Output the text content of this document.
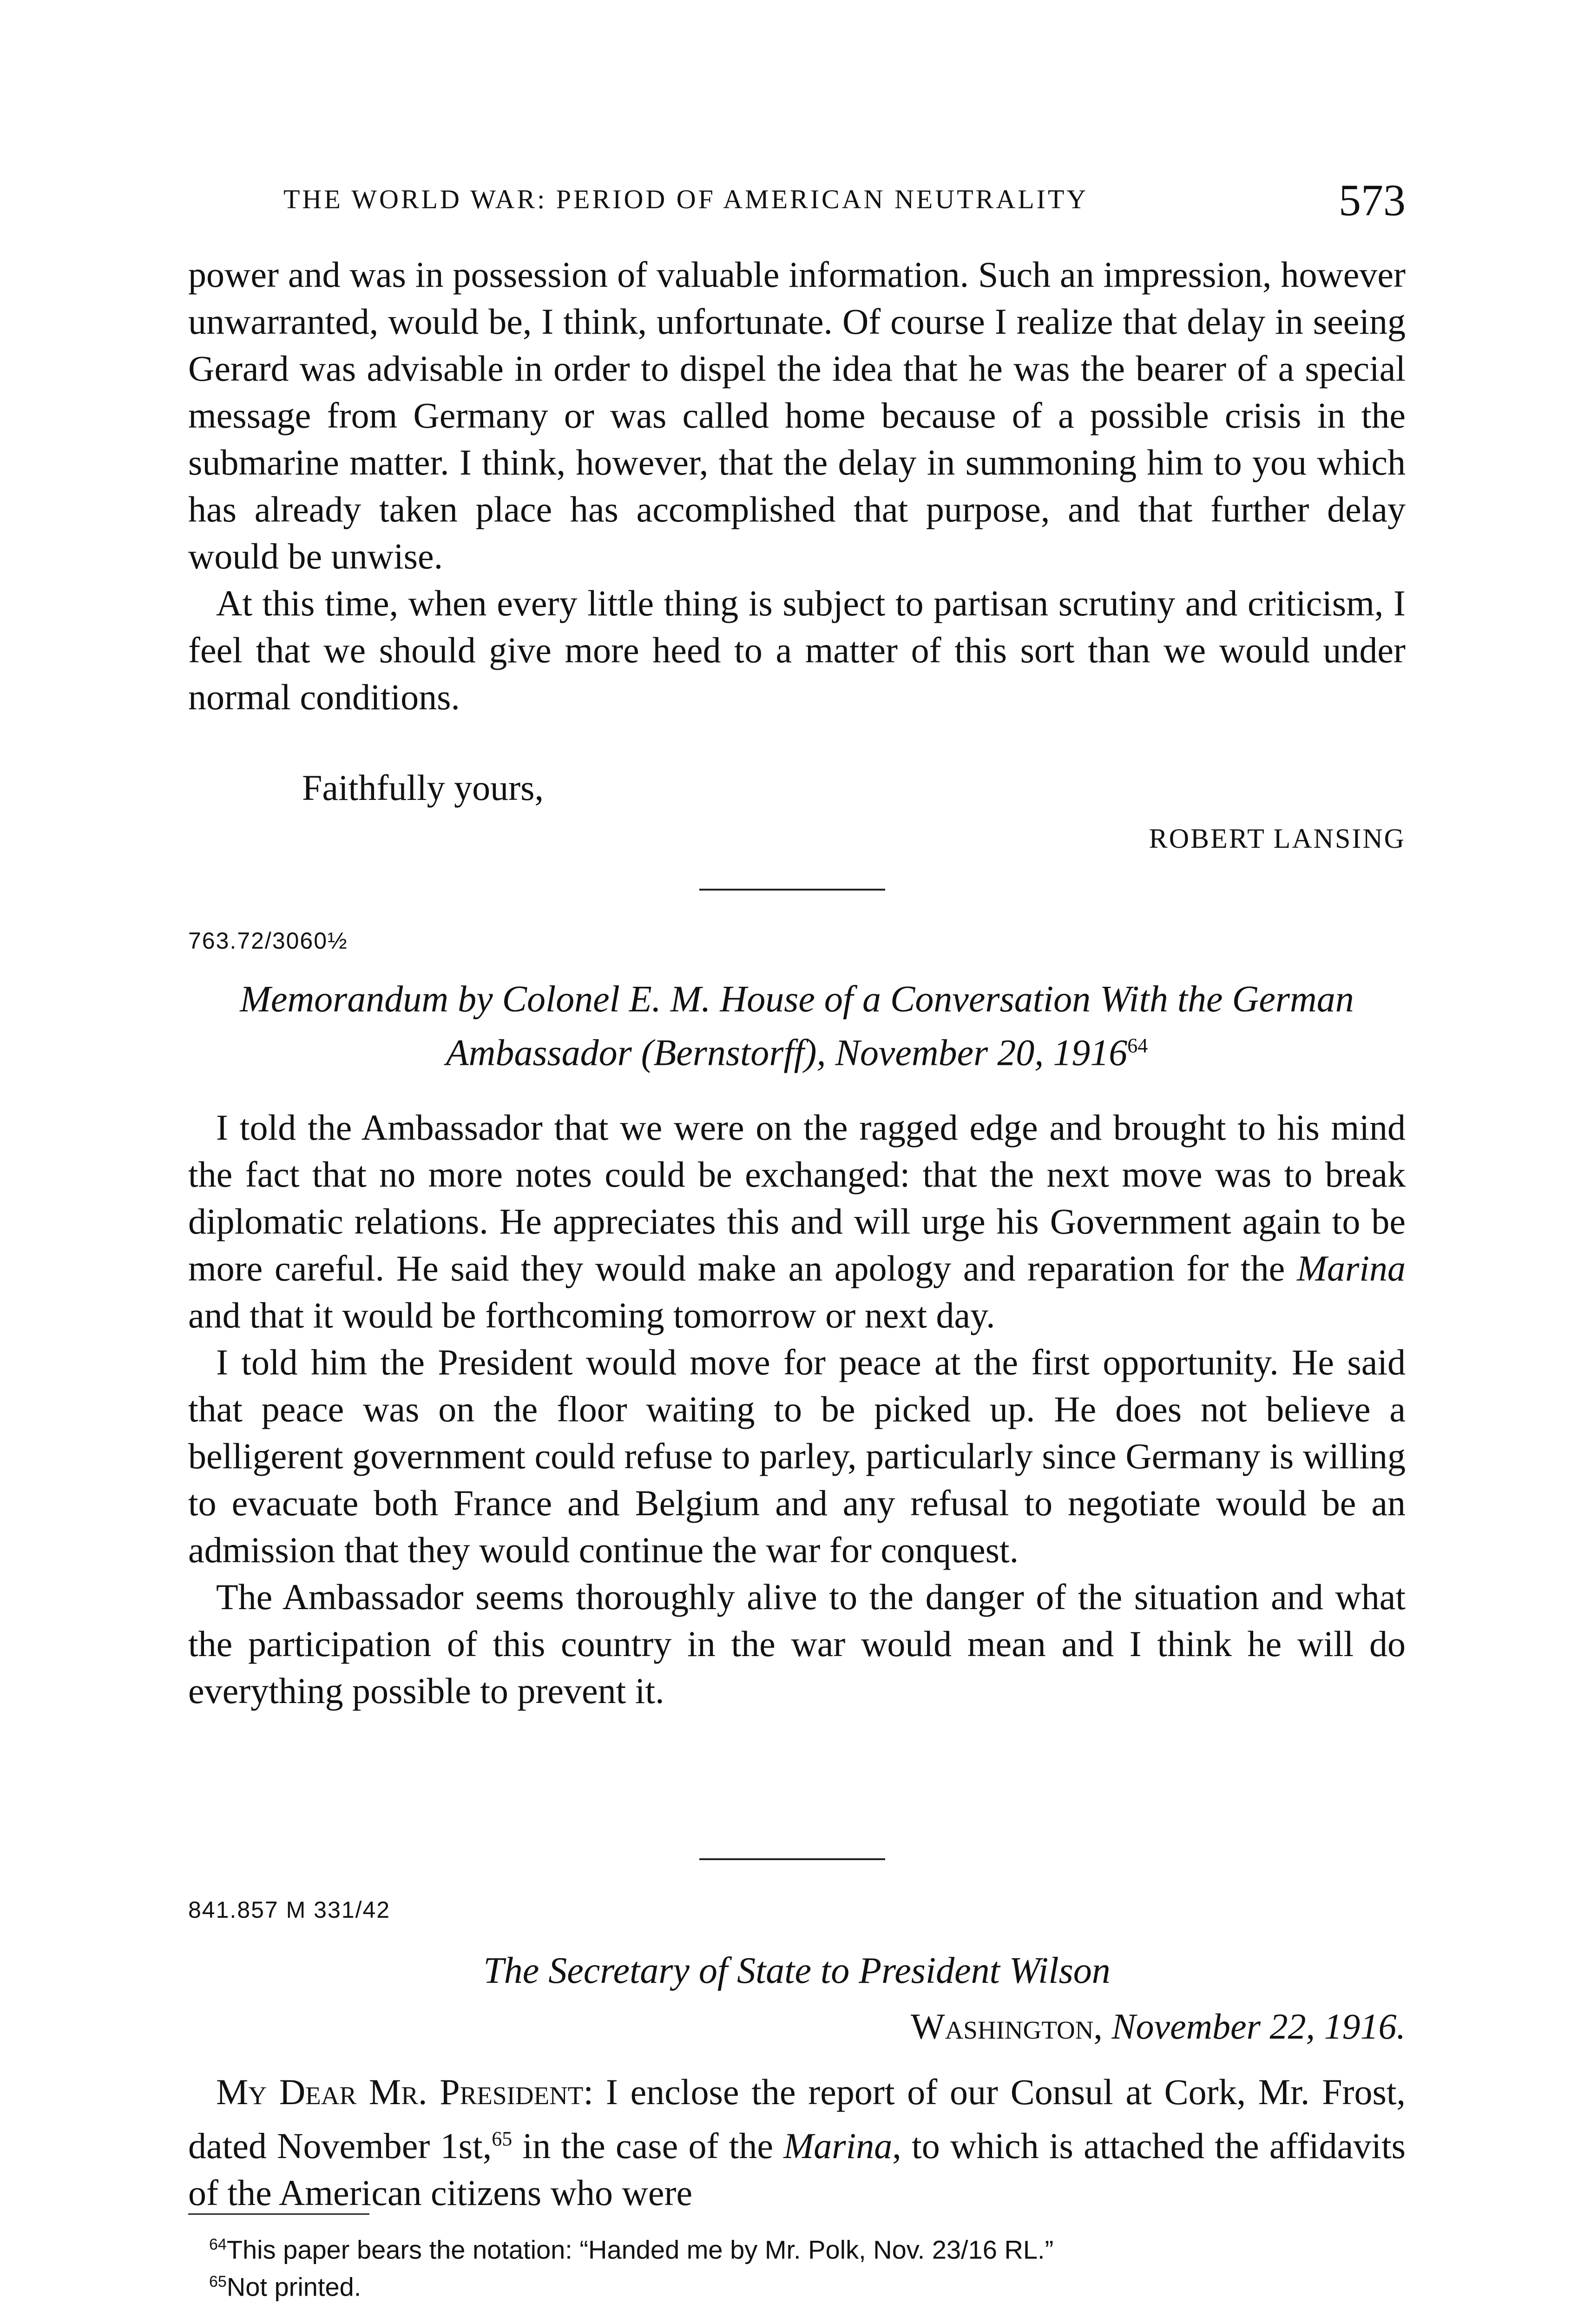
THE WORLD WAR: PERIOD OF AMERICAN NEUTRALITY	573

power and was in possession of valuable information. Such an impression, however unwarranted, would be, I think, unfortunate. Of course I realize that delay in seeing Gerard was advisable in order to dispel the idea that he was the bearer of a special message from Germany or was called home because of a possible crisis in the submarine matter. I think, however, that the delay in summoning him to you which has already taken place has accomplished that purpose, and that further delay would be unwise.

At this time, when every little thing is subject to partisan scrutiny and criticism, I feel that we should give more heed to a matter of this sort than we would under normal conditions.

Faithfully yours,
ROBERT LANSING
763.72/3060½
Memorandum by Colonel E. M. House of a Conversation With the German Ambassador (Bernstorff), November 20, 1916$^{64}$

I told the Ambassador that we were on the ragged edge and brought to his mind the fact that no more notes could be exchanged: that the next move was to break diplomatic relations. He appreciates this and will urge his Government again to be more careful. He said they would make an apology and reparation for the Marina and that it would be forthcoming tomorrow or next day.

I told him the President would move for peace at the first opportunity. He said that peace was on the floor waiting to be picked up. He does not believe a belligerent government could refuse to parley, particularly since Germany is willing to evacuate both France and Belgium and any refusal to negotiate would be an admission that they would continue the war for conquest.

The Ambassador seems thoroughly alive to the danger of the situation and what the participation of this country in the war would mean and I think he will do everything possible to prevent it.

841.857 M 331/42
The Secretary of State to President Wilson
Washington, November 22, 1916.

My Dear Mr. President: I enclose the report of our Consul at Cork, Mr. Frost, dated November 1st,$^{65}$ in the case of the Marina, to which is attached the affidavits of the American citizens who were

$^{64}$This paper bears the notation: “Handed me by Mr. Polk, Nov. 23/16 RL.”
$^{65}$Not printed.
